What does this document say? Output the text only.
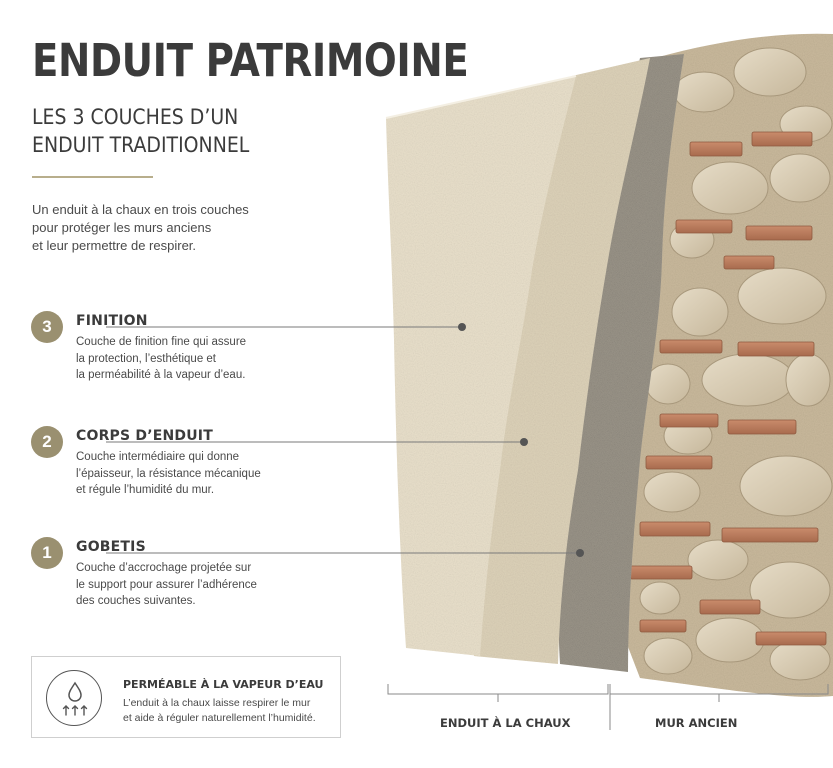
ENDUIT PATRIMOINE
LES 3 COUCHES D’UN
ENDUIT TRADITIONNEL
Un enduit à la chaux en trois couches
pour protéger les murs anciens
et leur permettre de respirer.
3	FINITION
Couche de finition fine qui assure
la protection, l’esthétique et
la perméabilité à la vapeur d’eau.
2	CORPS D’ENDUIT
Couche intermédiaire qui donne
l’épaisseur, la résistance mécanique
et régule l’humidité du mur.
1	GOBETIS
Couche d’accrochage projetée sur
le support pour assurer l’adhérence
des couches suivantes.
PERMÉABLE À LA VAPEUR D’EAU
L’enduit à la chaux laisse respirer le mur
et aide à réguler naturellement l’humidité.	ENDUIT À LA CHAUX	MUR ANCIEN
